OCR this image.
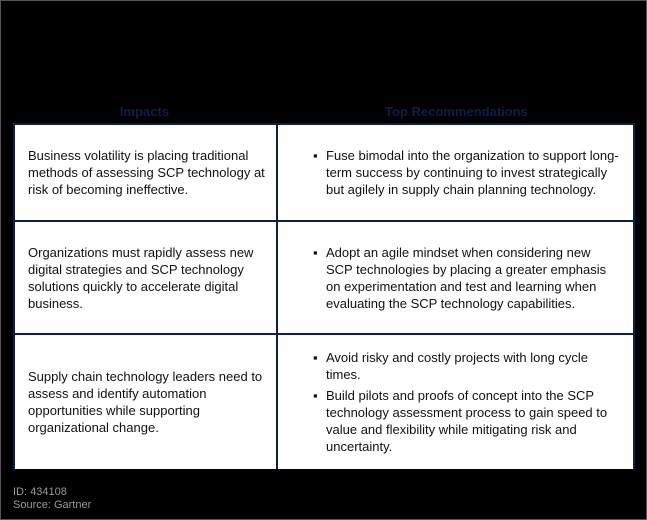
Impacts	Top Recommendations
Business volatility is placing traditional methods of assessing SCP technology at risk of becoming ineffective.
▪ Fuse bimodal into the organization to support long-term success by continuing to invest strategically but agilely in supply chain planning technology.
Organizations must rapidly assess new digital strategies and SCP technology solutions quickly to accelerate digital business.
▪ Adopt an agile mindset when considering new SCP technologies by placing a greater emphasis on experimentation and test and learning when evaluating the SCP technology capabilities.
Supply chain technology leaders need to assess and identify automation opportunities while supporting organizational change.
▪ Avoid risky and costly projects with long cycle times.
▪ Build pilots and proofs of concept into the SCP technology assessment process to gain speed to value and flexibility while mitigating risk and uncertainty.
ID: 434108
Source: Gartner
